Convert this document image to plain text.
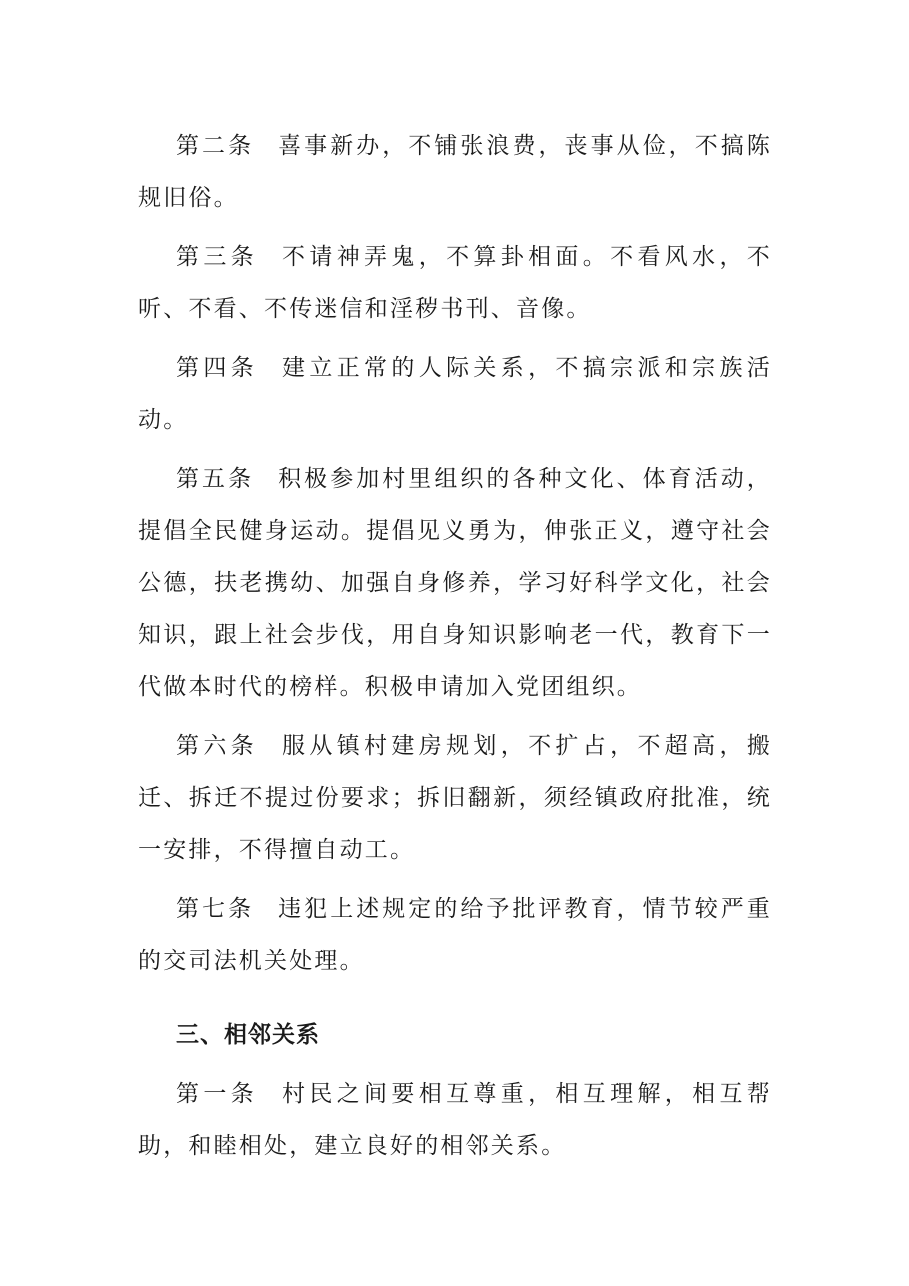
第二条 喜事新办，不铺张浪费，丧事从俭，不搞陈规旧俗。

第三条 不请神弄鬼，不算卦相面。不看风水，不听、不看、不传迷信和淫秽书刊、音像。

第四条 建立正常的人际关系，不搞宗派和宗族活动。

第五条 积极参加村里组织的各种文化、体育活动，提倡全民健身运动。提倡见义勇为，伸张正义，遵守社会公德，扶老携幼、加强自身修养，学习好科学文化，社会知识，跟上社会步伐，用自身知识影响老一代，教育下一代做本时代的榜样。积极申请加入党团组织。

第六条 服从镇村建房规划，不扩占，不超高，搬迁、拆迁不提过份要求；拆旧翻新，须经镇政府批准，统一安排，不得擅自动工。

第七条 违犯上述规定的给予批评教育，情节较严重的交司法机关处理。

三、相邻关系

第一条 村民之间要相互尊重，相互理解，相互帮助，和睦相处，建立良好的相邻关系。
